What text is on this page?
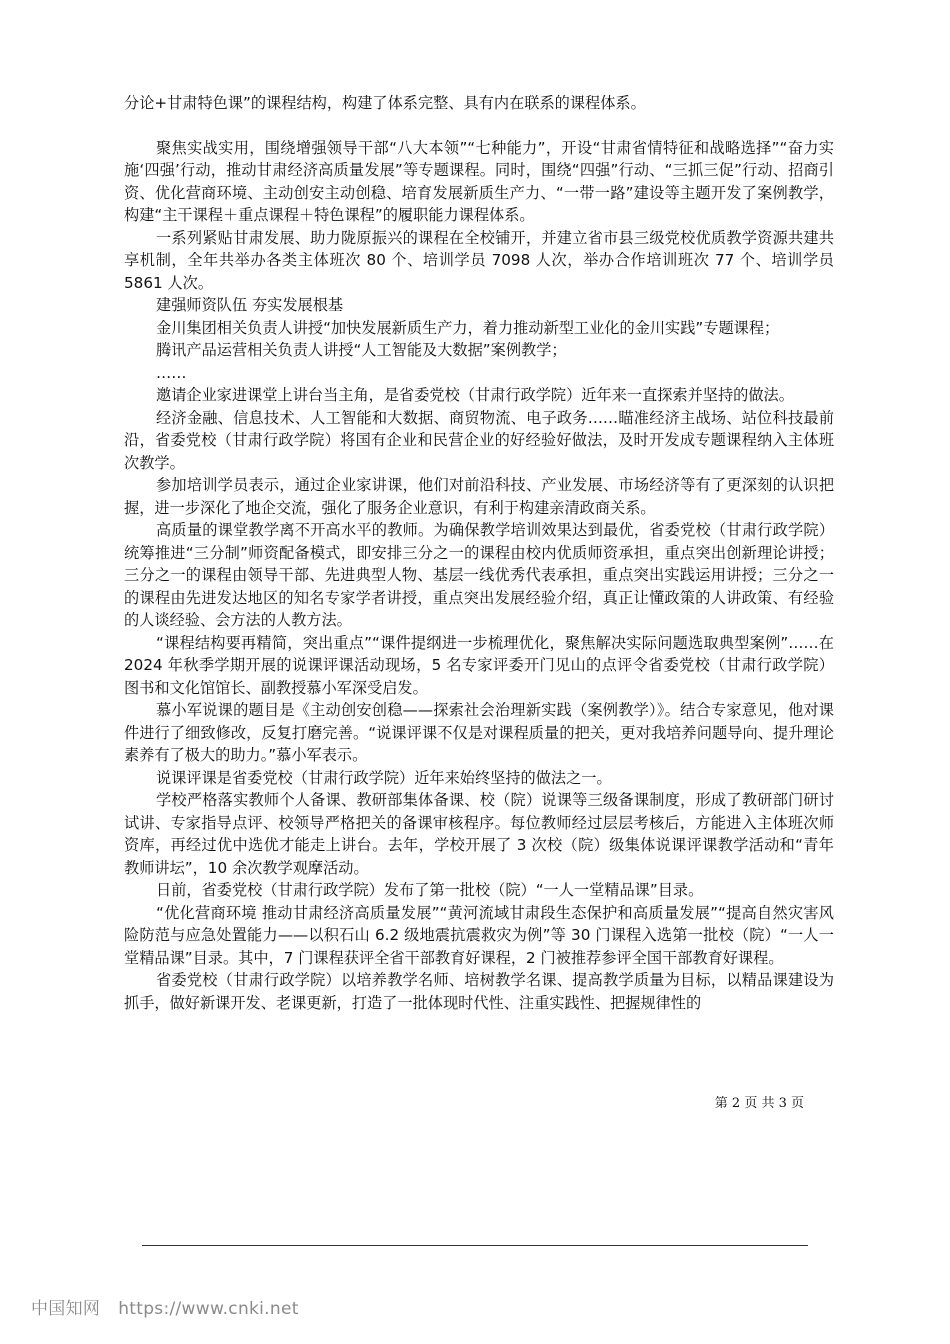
分论+甘肃特色课”的课程结构，构建了体系完整、具有内在联系的课程体系。

聚焦实战实用，围绕增强领导干部“八大本领”“七种能力”，开设“甘肃省情特征和战略选择”“奋力实施‘四强’行动，推动甘肃经济高质量发展”等专题课程。同时，围绕“四强”行动、“三抓三促”行动、招商引资、优化营商环境、主动创安主动创稳、培育发展新质生产力、“一带一路”建设等主题开发了案例教学，构建“主干课程＋重点课程＋特色课程”的履职能力课程体系。

一系列紧贴甘肃发展、助力陇原振兴的课程在全校铺开，并建立省市县三级党校优质教学资源共建共享机制，全年共举办各类主体班次 80 个、培训学员 7098 人次，举办合作培训班次 77 个、培训学员 5861 人次。

建强师资队伍 夯实发展根基

金川集团相关负责人讲授“加快发展新质生产力，着力推动新型工业化的金川实践”专题课程；

腾讯产品运营相关负责人讲授“人工智能及大数据”案例教学；

……

邀请企业家进课堂上讲台当主角，是省委党校（甘肃行政学院）近年来一直探索并坚持的做法。

经济金融、信息技术、人工智能和大数据、商贸物流、电子政务……瞄准经济主战场、站位科技最前沿，省委党校（甘肃行政学院）将国有企业和民营企业的好经验好做法，及时开发成专题课程纳入主体班次教学。

参加培训学员表示，通过企业家讲课，他们对前沿科技、产业发展、市场经济等有了更深刻的认识把握，进一步深化了地企交流，强化了服务企业意识，有利于构建亲清政商关系。

高质量的课堂教学离不开高水平的教师。为确保教学培训效果达到最优，省委党校（甘肃行政学院）统筹推进“三分制”师资配备模式，即安排三分之一的课程由校内优质师资承担，重点突出创新理论讲授；三分之一的课程由领导干部、先进典型人物、基层一线优秀代表承担，重点突出实践运用讲授；三分之一的课程由先进发达地区的知名专家学者讲授，重点突出发展经验介绍，真正让懂政策的人讲政策、有经验的人谈经验、会方法的人教方法。

“课程结构要再精简，突出重点”“课件提纲进一步梳理优化，聚焦解决实际问题选取典型案例”……在 2024 年秋季学期开展的说课评课活动现场，5 名专家评委开门见山的点评令省委党校（甘肃行政学院）图书和文化馆馆长、副教授慕小军深受启发。

慕小军说课的题目是《主动创安创稳——探索社会治理新实践（案例教学）》。结合专家意见，他对课件进行了细致修改，反复打磨完善。“说课评课不仅是对课程质量的把关，更对我培养问题导向、提升理论素养有了极大的助力。”慕小军表示。

说课评课是省委党校（甘肃行政学院）近年来始终坚持的做法之一。

学校严格落实教师个人备课、教研部集体备课、校（院）说课等三级备课制度，形成了教研部门研讨试讲、专家指导点评、校领导严格把关的备课审核程序。每位教师经过层层考核后，方能进入主体班次师资库，再经过优中选优才能走上讲台。去年，学校开展了 3 次校（院）级集体说课评课教学活动和“青年教师讲坛”，10 余次教学观摩活动。

日前，省委党校（甘肃行政学院）发布了第一批校（院）“一人一堂精品课”目录。

“优化营商环境 推动甘肃经济高质量发展”“黄河流域甘肃段生态保护和高质量发展”“提高自然灾害风险防范与应急处置能力——以积石山 6.2 级地震抗震救灾为例”等 30 门课程入选第一批校（院）“一人一堂精品课”目录。其中，7 门课程获评全省干部教育好课程，2 门被推荐参评全国干部教育好课程。

省委党校（甘肃行政学院）以培养教学名师、培树教学名课、提高教学质量为目标，以精品课建设为抓手，做好新课开发、老课更新，打造了一批体现时代性、注重实践性、把握规律性的

第 2 页 共 3 页
中国知网 https://www.cnki.net
